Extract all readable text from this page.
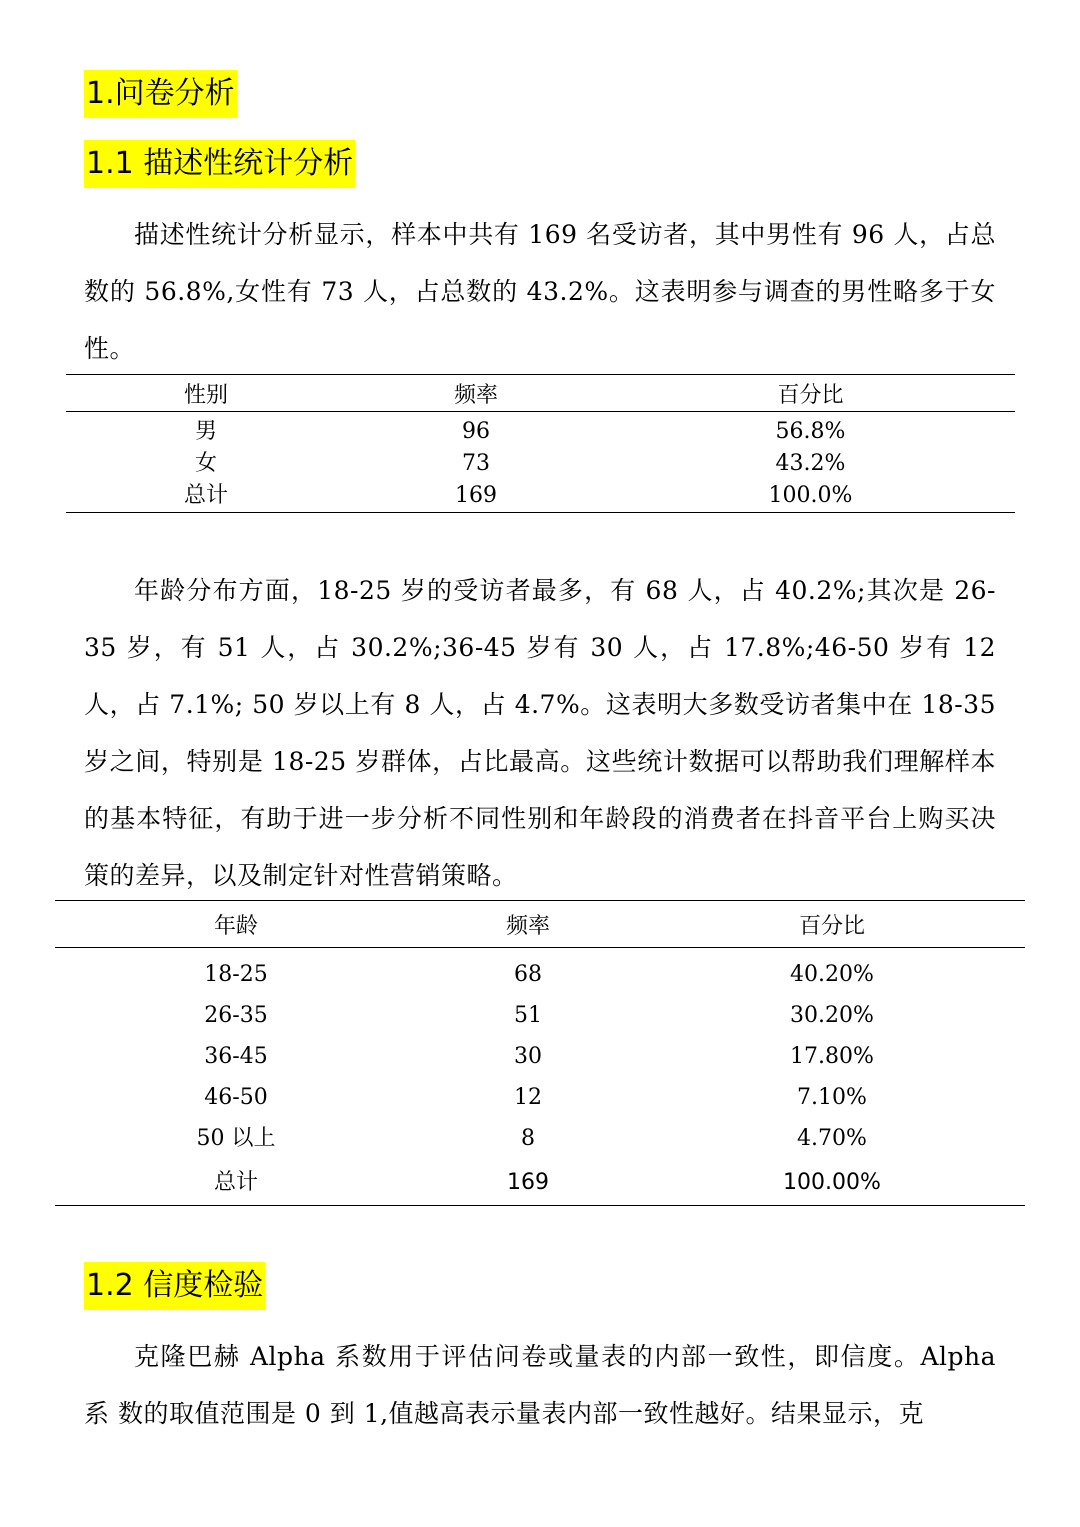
1.问卷分析
1.1 描述性统计分析

描述性统计分析显示，样本中共有 169 名受访者，其中男性有 96 人，占总数的 56.8%,女性有 73 人，占总数的 43.2%。这表明参与调查的男性略多于女性。

性别	频率	百分比
男	96	56.8%
女	73	43.2%
总计	169	100.0%

年龄分布方面，18-25 岁的受访者最多，有 68 人，占 40.2%;其次是 26-35 岁，有 51 人，占 30.2%;36-45 岁有 30 人，占 17.8%;46-50 岁有 12 人，占 7.1%; 50 岁以上有 8 人，占 4.7%。这表明大多数受访者集中在 18-35 岁之间，特别是 18-25 岁群体，占比最高。这些统计数据可以帮助我们理解样本的基本特征，有助于进一步分析不同性别和年龄段的消费者在抖音平台上购买决策的差异，以及制定针对性营销策略。

年龄	频率	百分比
18-25	68	40.20%
26-35	51	30.20%
36-45	30	17.80%
46-50	12	7.10%
50 以上	8	4.70%
总计	169	100.00%
1.2 信度检验

克隆巴赫 Alpha 系数用于评估问卷或量表的内部一致性，即信度。Alpha 系 数的取值范围是 0 到 1,值越高表示量表内部一致性越好。结果显示，克
